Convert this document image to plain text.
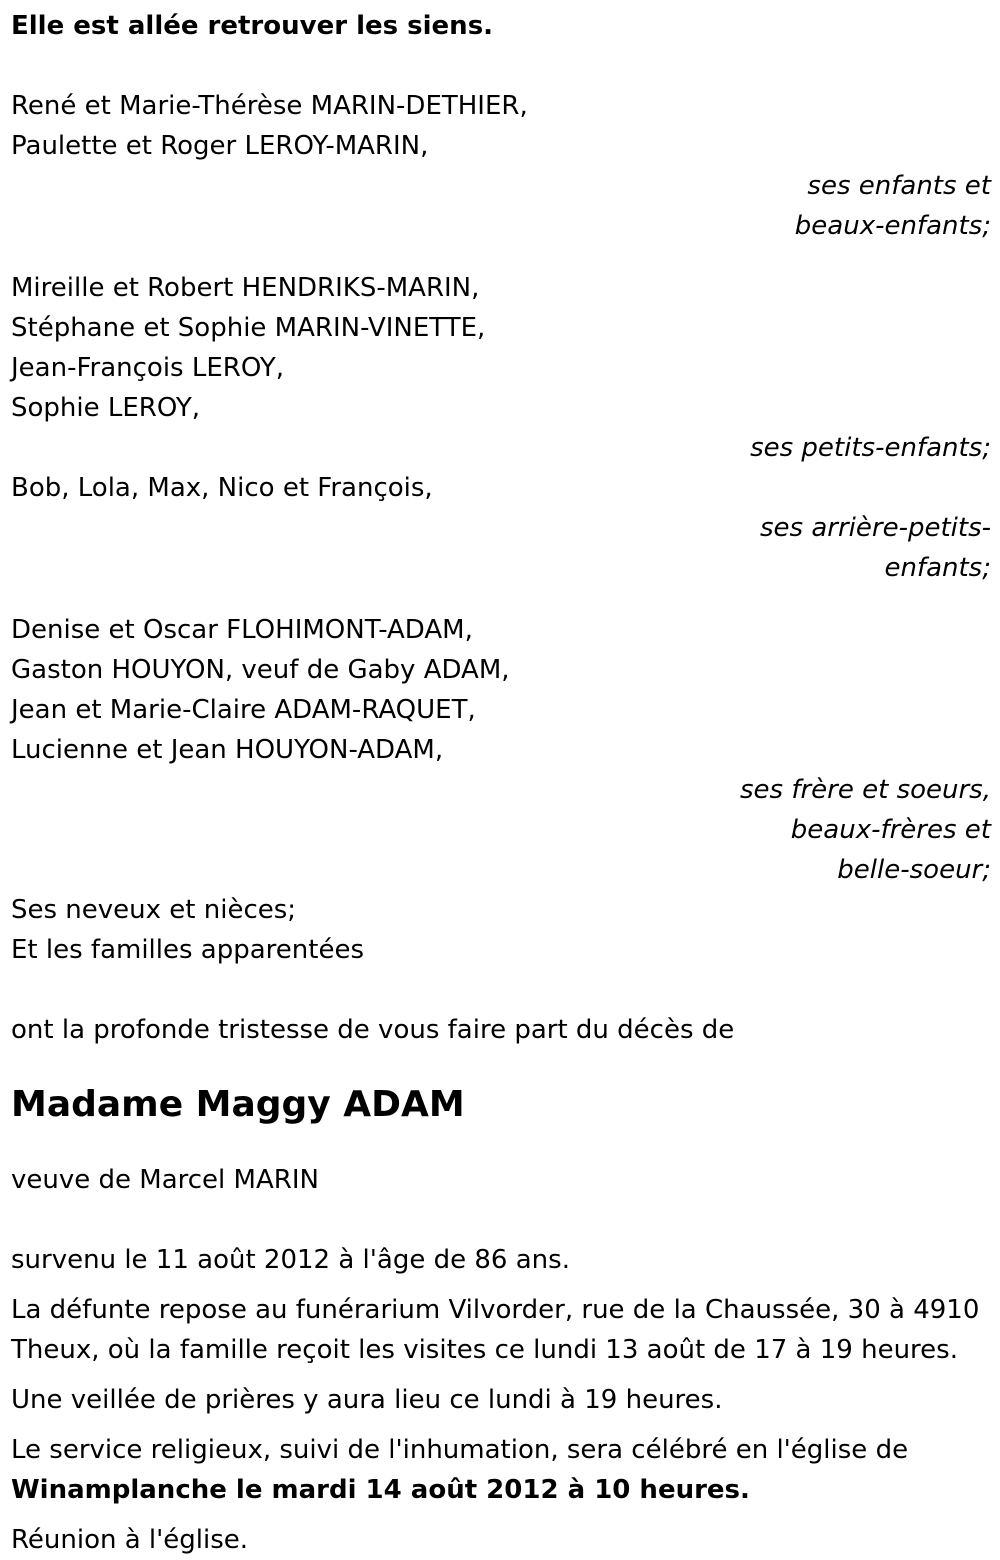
Elle est allée retrouver les siens.

René et Marie-Thérèse MARIN-DETHIER,
Paulette et Roger LEROY-MARIN,
ses enfants et
beaux-enfants;
Mireille et Robert HENDRIKS-MARIN,
Stéphane et Sophie MARIN-VINETTE,
Jean-François LEROY,
Sophie LEROY,
ses petits-enfants;
Bob, Lola, Max, Nico et François,
ses arrière-petits-
enfants;
Denise et Oscar FLOHIMONT-ADAM,
Gaston HOUYON, veuf de Gaby ADAM,
Jean et Marie-Claire ADAM-RAQUET,
Lucienne et Jean HOUYON-ADAM,
ses frère et soeurs,
beaux-frères et
belle-soeur;
Ses neveux et nièces;
Et les familles apparentées

ont la profonde tristesse de vous faire part du décès de

Madame Maggy ADAM

veuve de Marcel MARIN

survenu le 11 août 2012 à l'âge de 86 ans.

La défunte repose au funérarium Vilvorder, rue de la Chaussée, 30 à 4910 Theux, où la famille reçoit les visites ce lundi 13 août de 17 à 19 heures.

Une veillée de prières y aura lieu ce lundi à 19 heures.

Le service religieux, suivi de l'inhumation, sera célébré en l'église de
Winamplanche le mardi 14 août 2012 à 10 heures.

Réunion à l'église.
